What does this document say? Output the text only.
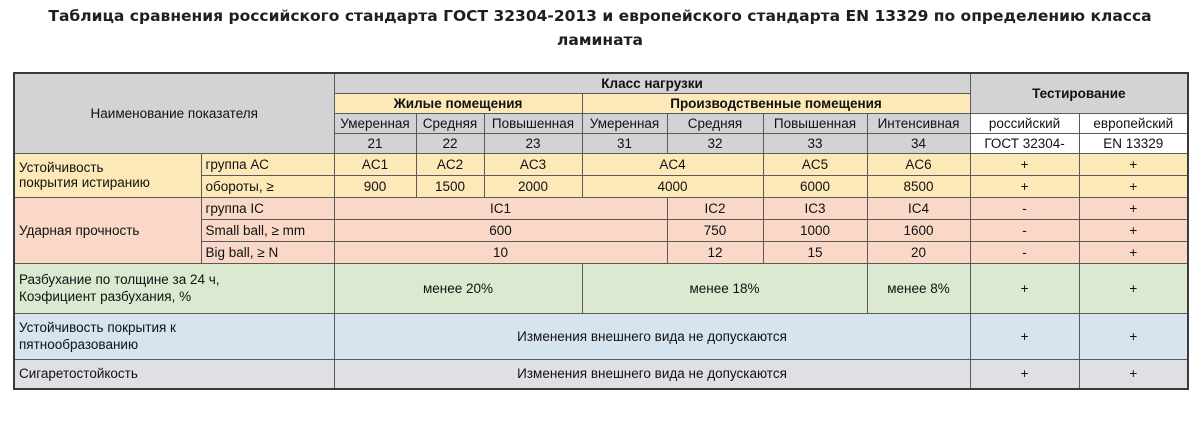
Таблица сравнения российского стандарта ГОСТ 32304-2013 и европейского стандарта EN 13329 по определению класса
ламината
Наименование показателя		Класс нагрузки							Тестирование	
		Жилые помещения			Производственные помещения					
		Умеренная	Средняя	Повышенная	Умеренная	Средняя	Повышенная	Интенсивная	российский	европейский
		21	22	23	31	32	33	34	ГОСТ 32304-	EN 13329

Устойчивость
покрытия истиранию	группа АС	AC1	AC2	AC3	AC4		AC5	AC6	+	+
	обороты, ≥	900	1500	2000	4000		6000	8500	+	+
Ударная прочность	группа IC	IC1				IC2	IC3	IC4	-	+
	Small ball, ≥ mm	600				750	1000	1600	-	+
	Big ball, ≥ N	10				12	15	20	-	+

Разбухание по толщине за 24 ч,
Коэфициент разбухания, %		менее 20%			менее 18%			менее 8%	+	+

Устойчивость покрытия к
пятнообразованию		Изменения внешнего вида не допускаются							+	+
Сигаретостойкость		Изменения внешнего вида не допускаются							+	+
